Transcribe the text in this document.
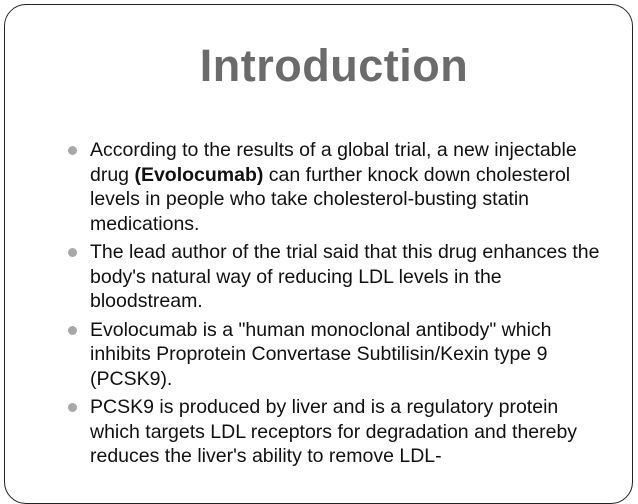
Introduction
According to the results of a global trial, a new injectable drug (Evolocumab) can further knock down cholesterol levels in people who take cholesterol-busting statin medications.
The lead author of the trial said that this drug enhances the body's natural way of reducing LDL levels in the bloodstream.
Evolocumab is a "human monoclonal antibody" which inhibits Proprotein Convertase Subtilisin/Kexin type 9 (PCSK9).
PCSK9 is produced by liver and is a regulatory protein which targets LDL receptors for degradation and thereby reduces the liver's ability to remove LDL-
